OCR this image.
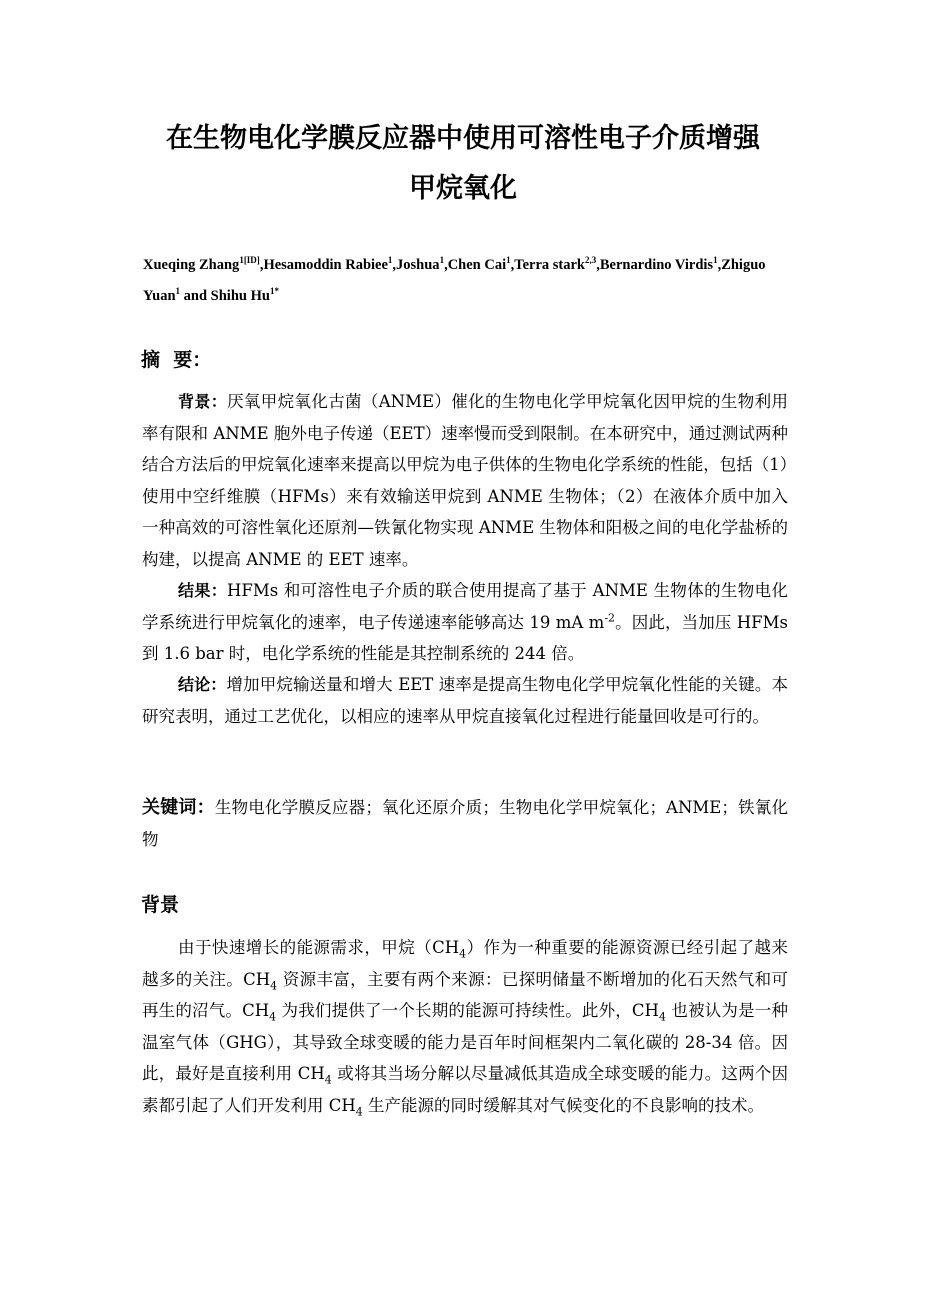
在生物电化学膜反应器中使用可溶性电子介质增强
甲烷氧化
Xueqing Zhang$^{1[ID]}$,Hesamoddin Rabiee$^1$,Joshua$^1$,Chen Cai$^1$,Terra stark$^{2,3}$,Bernardino Virdis$^1$,Zhiguo Yuan$^1$ and Shihu $Hu^{1*}$
摘  要：
背景：厌氧甲烷氧化古菌（ANME）催化的生物电化学甲烷氧化因甲烷的生物利用率有限和 ANME 胞外电子传递（EET）速率慢而受到限制。在本研究中，通过测试两种结合方法后的甲烷氧化速率来提高以甲烷为电子供体的生物电化学系统的性能，包括（1）使用中空纤维膜（HFMs）来有效输送甲烷到 ANME 生物体；（2）在液体介质中加入一种高效的可溶性氧化还原剂—铁氰化物实现 ANME 生物体和阳极之间的电化学盐桥的构建，以提高 ANME 的 EET 速率。
结果：HFMs 和可溶性电子介质的联合使用提高了基于 ANME 生物体的生物电化学系统进行甲烷氧化的速率，电子传递速率能够高达 19 mA $m^{-2}$。因此，当加压 HFMs 到 1.6 bar 时，电化学系统的性能是其控制系统的 244 倍。
结论：增加甲烷输送量和增大 EET 速率是提高生物电化学甲烷氧化性能的关键。本研究表明，通过工艺优化，以相应的速率从甲烷直接氧化过程进行能量回收是可行的。
关键词：生物电化学膜反应器；氧化还原介质；生物电化学甲烷氧化；ANME；铁氰化物
背景
由于快速增长的能源需求，甲烷$(CH_4)$作为一种重要的能源资源已经引起了越来越多的关注。$CH_4$ 资源丰富，主要有两个来源：已探明储量不断增加的化石天然气和可再生的沼气。$CH_4$ 为我们提供了一个长期的能源可持续性。此外，$CH_4$ 也被认为是一种温室气体（GHG），其导致全球变暖的能力是百年时间框架内二氧化碳的 28-34 倍。因此，最好是直接利用 $CH_4$ 或将其当场分解以尽量减低其造成全球变暖的能力。这两个因素都引起了人们开发利用 $CH_4$ 生产能源的同时缓解其对气候变化的不良影响的技术。
